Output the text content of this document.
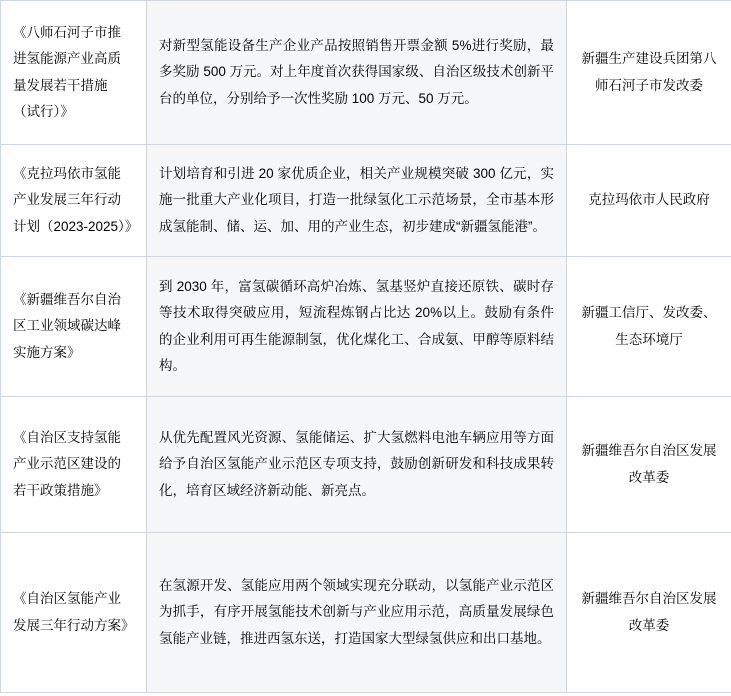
《八师石河子市推进氢能源产业高质量发展若干措施（试行）》	对新型氢能设备生产企业产品按照销售开票金额 5%进行奖励，最多奖励 500 万元。对上年度首次获得国家级、自治区级技术创新平台的单位，分别给予一次性奖励 100 万元、50 万元。	新疆生产建设兵团第八师石河子市发改委
《克拉玛依市氢能产业发展三年行动计划（2023-2025）》	计划培育和引进 20 家优质企业，相关产业规模突破 300 亿元，实施一批重大产业化项目，打造一批绿氢化工示范场景，全市基本形成氢能制、储、运、加、用的产业生态，初步建成“新疆氢能港”。	克拉玛依市人民政府
《新疆维吾尔自治区工业领域碳达峰实施方案》	到 2030 年，富氢碳循环高炉冶炼、氢基竖炉直接还原铁、碳时存等技术取得突破应用，短流程炼钢占比达 20%以上。鼓励有条件的企业利用可再生能源制氢，优化煤化工、合成氨、甲醇等原料结构。	新疆工信厅、发改委、生态环境厅
《自治区支持氢能产业示范区建设的若干政策措施》	从优先配置风光资源、氢能储运、扩大氢燃料电池车辆应用等方面给予自治区氢能产业示范区专项支持，鼓励创新研发和科技成果转化，培育区域经济新动能、新亮点。	新疆维吾尔自治区发展改革委
《自治区氢能产业发展三年行动方案》	在氢源开发、氢能应用两个领域实现充分联动，以氢能产业示范区为抓手，有序开展氢能技术创新与产业应用示范，高质量发展绿色氢能产业链，推进西氢东送，打造国家大型绿氢供应和出口基地。	新疆维吾尔自治区发展改革委
